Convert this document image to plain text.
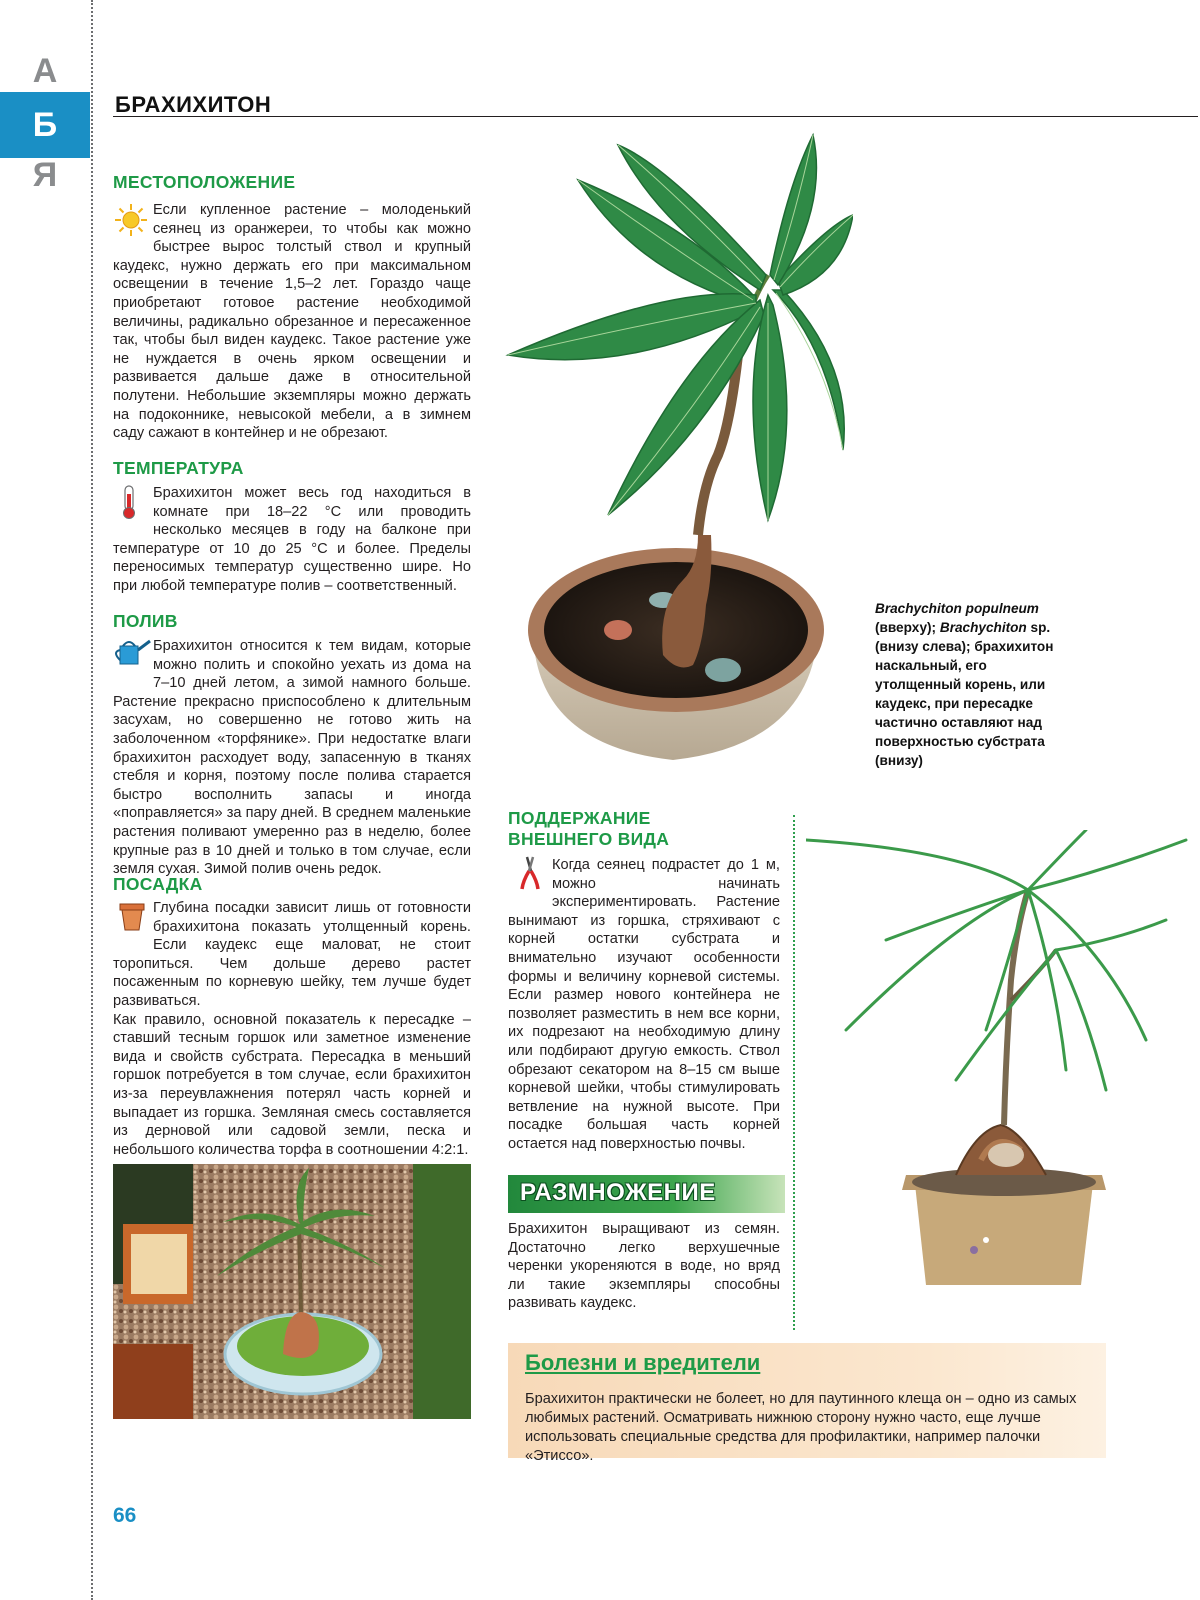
А
Б
Я
БРАХИХИТОН
МЕСТОПОЛОЖЕНИЕ
Если купленное растение – молоденький сеянец из оранжереи, то чтобы как можно быстрее вырос толстый ствол и крупный каудекс, нужно держать его при максимальном освещении в течение 1,5–2 лет. Гораздо чаще приобретают готовое растение необходимой величины, радикально обрезанное и пересаженное так, чтобы был виден каудекс. Такое растение уже не нуждается в очень ярком освещении и развивается дальше даже в относительной полутени. Небольшие экземпляры можно держать на подоконнике, невысокой мебели, а в зимнем саду сажают в контейнер и не обрезают.
ТЕМПЕРАТУРА
Брахихитон может весь год находиться в комнате при 18–22 °С или проводить несколько месяцев в году на балконе при температуре от 10 до 25 °С и более. Пределы переносимых температур существенно шире. Но при любой температуре полив – соответственный.
ПОЛИВ
Брахихитон относится к тем видам, которые можно полить и спокойно уехать из дома на 7–10 дней летом, а зимой намного больше. Растение прекрасно приспособлено к длительным засухам, но совершенно не готово жить на заболоченном «торфянике». При недостатке влаги брахихитон расходует воду, запасенную в тканях стебля и корня, поэтому после полива старается быстро восполнить запасы и иногда «поправляется» за пару дней. В среднем маленькие растения поливают умеренно раз в неделю, более крупные раз в 10 дней и только в том случае, если земля сухая. Зимой полив очень редок.
ПОСАДКА
Глубина посадки зависит лишь от готовности брахихитона показать утолщенный корень. Если каудекс еще маловат, не стоит торопиться. Чем дольше дерево растет посаженным по корневую шейку, тем лучше будет развиваться.
Как правило, основной показатель к пересадке – ставший тесным горшок или заметное изменение вида и свойств субстрата. Пересадка в меньший горшок потребуется в том случае, если брахихитон из-за переувлажнения потерял часть корней и выпадает из горшка. Земляная смесь составляется из дерновой или садовой земли, песка и небольшого количества торфа в соотношении 4:2:1.
Brachychiton populneum (вверху); Brachychiton sp. (внизу слева); брахихитон наскальный, его утолщенный корень, или каудекс, при пересадке частично оставляют над поверхностью субстрата (внизу)
ПОДДЕРЖАНИЕ
ВНЕШНЕГО ВИДА
Когда сеянец подрастет до 1 м, можно начинать экспериментировать. Растение вынимают из горшка, стряхивают с корней остатки субстрата и внимательно изучают особенности формы и величину корневой системы. Если размер нового контейнера не позволяет разместить в нем все корни, их подрезают на необходимую длину или подбирают другую емкость. Ствол обрезают секатором на 8–15 см выше корневой шейки, чтобы стимулировать ветвление на нужной высоте. При посадке большая часть корней остается над поверхностью почвы.
РАЗМНОЖЕНИЕ
Брахихитон выращивают из семян. Достаточно легко верхушечные черенки укореняются в воде, но вряд ли такие экземпляры способны развивать каудекс.
Болезни и вредители
Брахихитон практически не болеет, но для паутинного клеща он – одно из самых любимых растений. Осматривать нижнюю сторону нужно часто, еще лучше использовать специальные средства для профилактики, например палочки «Этиссо».
66
